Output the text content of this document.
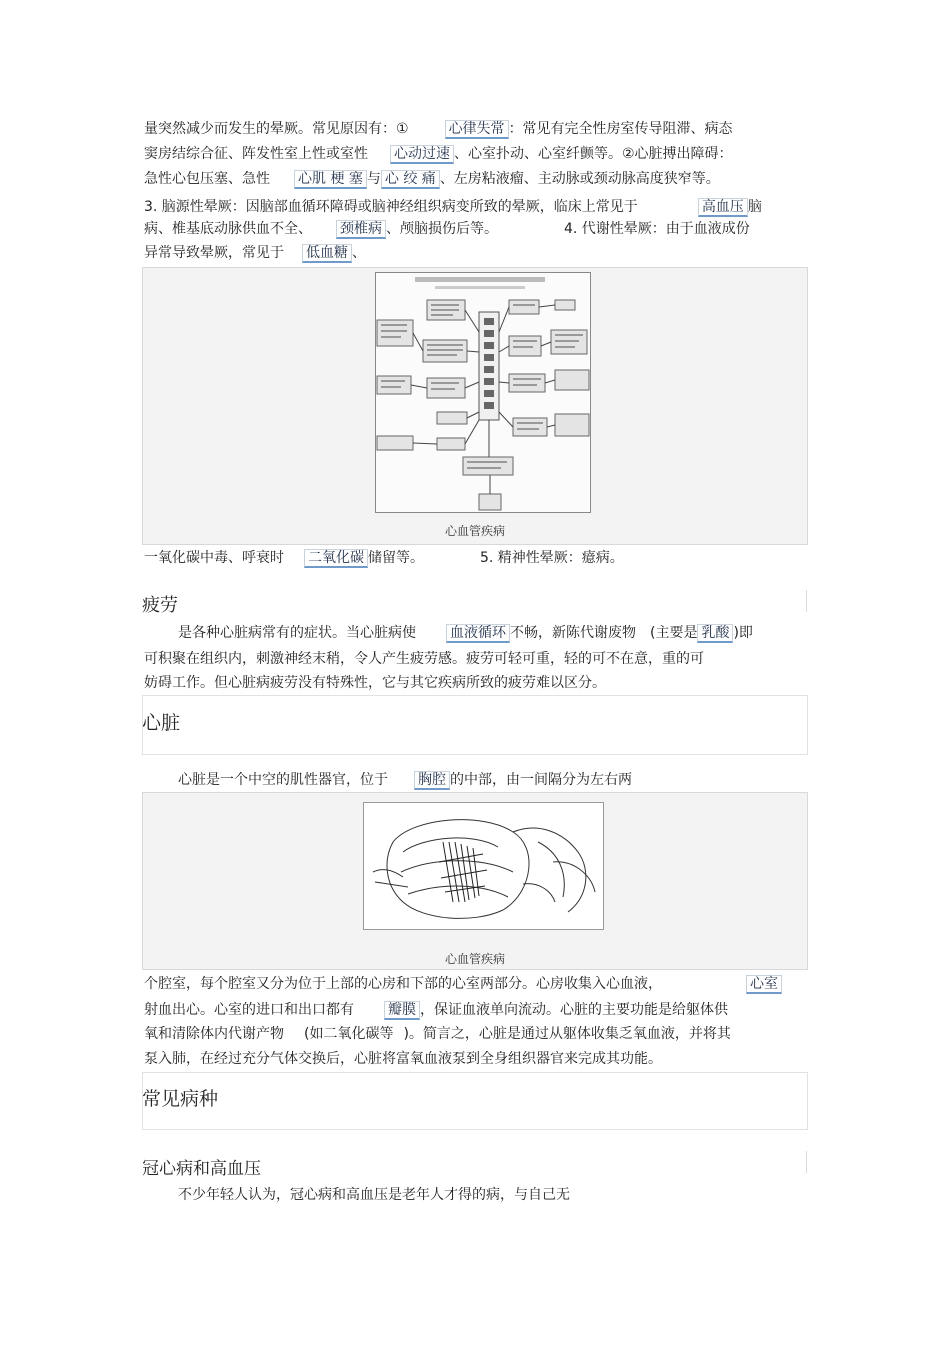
量突然减少而发生的晕厥。常见原因有：①	心律失常 ：常见有完全性房室传导阻滞、病态
窦房结综合征、阵发性室上性或室性 心动过速 、心室扑动、心室纤颤等。②心脏搏出障碍：
急性心包压塞、急性 心肌 梗 塞 与 心 绞 痛 、左房粘液瘤、主动脉或颈动脉高度狭窄等。
3. 脑源性晕厥：因脑部血循环障碍或脑神经组织病变所致的晕厥，临床上常见于	高血压 脑
病、椎基底动脉供血不全、 颈椎病 、颅脑损伤后等。	4. 代谢性晕厥：由于血液成份
异常导致晕厥，常见于 低血糖 、
心血管疾病
一氧化碳中毒、呼衰时 二氧化碳 储留等。	5. 精神性晕厥：癔病。
疲劳
是各种心脏病常有的症状。当心脏病使 血液循环 不畅，新陈代谢废物 (主要是 乳酸 )即
可积聚在组织内，刺激神经末稍，令人产生疲劳感。疲劳可轻可重，轻的可不在意，重的可
妨碍工作。但心脏病疲劳没有特殊性，它与其它疾病所致的疲劳难以区分。
心脏
心脏是一个中空的肌性器官，位于 胸腔 的中部，由一间隔分为左右两
心血管疾病
个腔室，每个腔室又分为位于上部的心房和下部的心室两部分。心房收集入心血液，	心室
射血出心。心室的进口和出口都有 瓣膜 ，保证血液单向流动。心脏的主要功能是给躯体供
氧和清除体内代谢产物 (如二氧化碳等 )。简言之，心脏是通过从躯体收集乏氧血液，并将其
泵入肺，在经过充分气体交换后，心脏将富氧血液泵到全身组织器官来完成其功能。
常见病种
冠心病和高血压
不少年轻人认为，冠心病和高血压是老年人才得的病，与自己无
